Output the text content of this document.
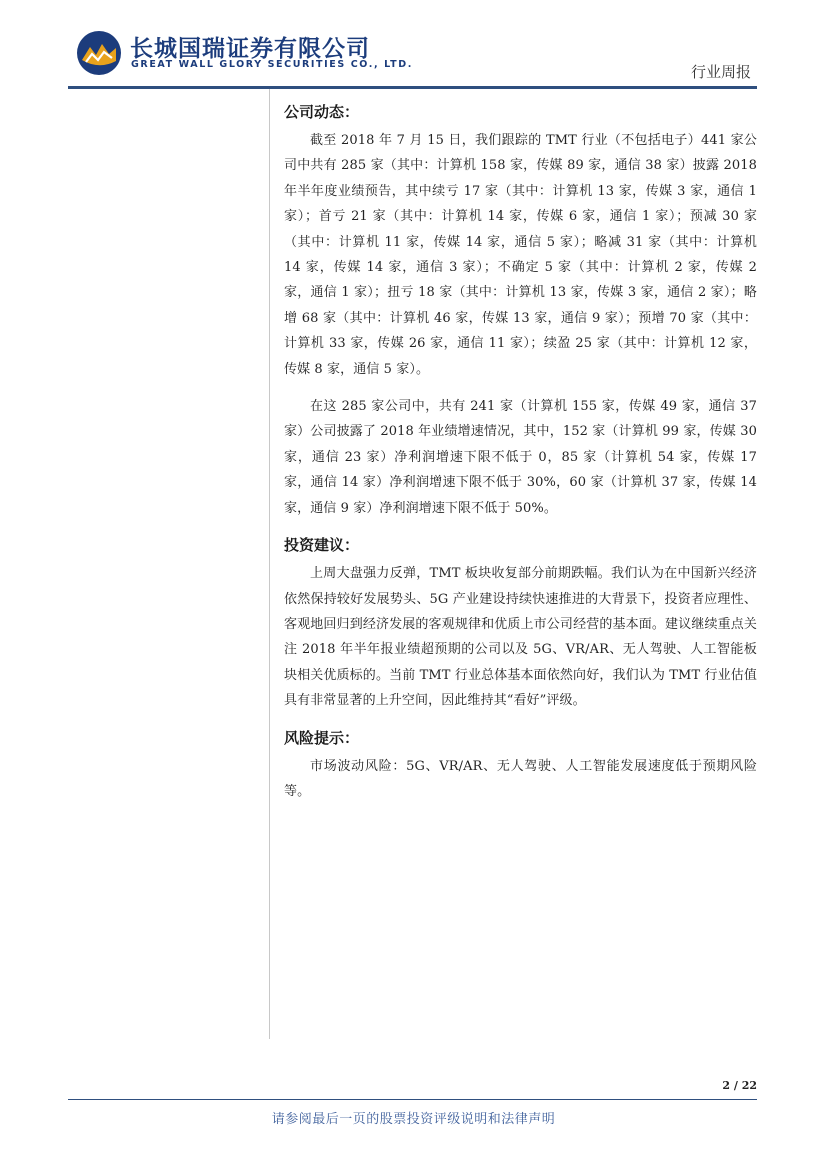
长城国瑞证券有限公司
GREAT WALL GLORY SECURITIES CO., LTD.	行业周报
公司动态：

截至 2018 年 7 月 15 日，我们跟踪的 TMT 行业（不包括电子）441 家公司中共有 285 家（其中：计算机 158 家，传媒 89 家，通信 38 家）披露 2018 年半年度业绩预告，其中续亏 17 家（其中：计算机 13 家，传媒 3 家，通信 1 家）；首亏 21 家（其中：计算机 14 家，传媒 6 家，通信 1 家）；预减 30 家（其中：计算机 11 家，传媒 14 家，通信 5 家）；略减 31 家（其中：计算机 14 家，传媒 14 家，通信 3 家）；不确定 5 家（其中：计算机 2 家，传媒 2 家，通信 1 家）；扭亏 18 家（其中：计算机 13 家，传媒 3 家，通信 2 家）；略增 68 家（其中：计算机 46 家，传媒 13 家，通信 9 家）；预增 70 家（其中：计算机 33 家，传媒 26 家，通信 11 家）；续盈 25 家（其中：计算机 12 家，传媒 8 家，通信 5 家）。

在这 285 家公司中，共有 241 家（计算机 155 家，传媒 49 家，通信 37 家）公司披露了 2018 年业绩增速情况，其中，152 家（计算机 99 家，传媒 30 家，通信 23 家）净利润增速下限不低于 0，85 家（计算机 54 家，传媒 17 家，通信 14 家）净利润增速下限不低于 30%，60 家（计算机 37 家，传媒 14 家，通信 9 家）净利润增速下限不低于 50%。

投资建议：

上周大盘强力反弹，TMT 板块收复部分前期跌幅。我们认为在中国新兴经济依然保持较好发展势头、5G 产业建设持续快速推进的大背景下，投资者应理性、客观地回归到经济发展的客观规律和优质上市公司经营的基本面。建议继续重点关注 2018 年半年报业绩超预期的公司以及 5G、VR/AR、无人驾驶、人工智能板块相关优质标的。当前 TMT 行业总体基本面依然向好，我们认为 TMT 行业估值具有非常显著的上升空间，因此维持其“看好”评级。

风险提示：

市场波动风险：5G、VR/AR、无人驾驶、人工智能发展速度低于预期风险等。

2 / 22
请参阅最后一页的股票投资评级说明和法律声明
